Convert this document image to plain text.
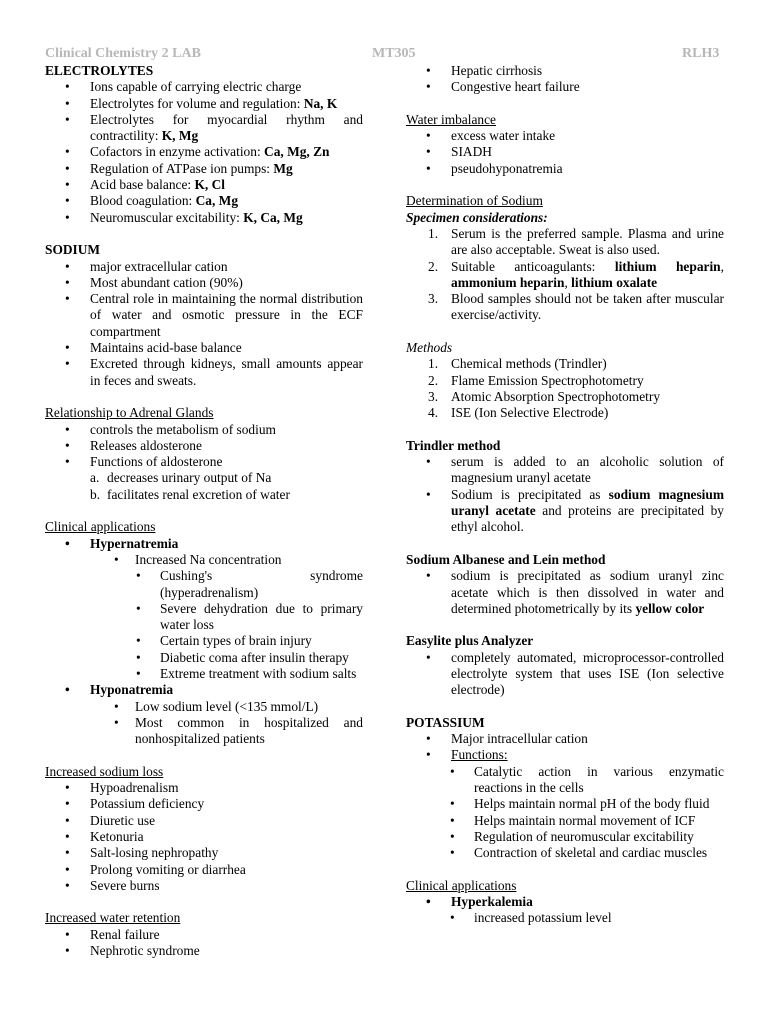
Clinical Chemistry 2 LAB	MT305	RLH3
ELECTROLYTES
• Ions capable of carrying electric charge
• Electrolytes for volume and regulation: Na, K
• Electrolytes for myocardial rhythm and contractility: K, Mg
• Cofactors in enzyme activation: Ca, Mg, Zn
• Regulation of ATPase ion pumps: Mg
• Acid base balance: K, Cl
• Blood coagulation: Ca, Mg
• Neuromuscular excitability: K, Ca, Mg
SODIUM
• major extracellular cation
• Most abundant cation (90%)
• Central role in maintaining the normal distribution of water and osmotic pressure in the ECF compartment
• Maintains acid-base balance
• Excreted through kidneys, small amounts appear in feces and sweats.
Relationship to Adrenal Glands
• controls the metabolism of sodium
• Releases aldosterone
• Functions of aldosterone
a. decreases urinary output of Na
b. facilitates renal excretion of water
Clinical applications
• Hypernatremia
• Increased Na concentration
• Cushing's syndrome (hyperadrenalism)
• Severe dehydration due to primary water loss
• Certain types of brain injury
• Diabetic coma after insulin therapy
• Extreme treatment with sodium salts
• Hyponatremia
• Low sodium level (<135 mmol/L)
• Most common in hospitalized and nonhospitalized patients
Increased sodium loss
• Hypoadrenalism
• Potassium deficiency
• Diuretic use
• Ketonuria
• Salt-losing nephropathy
• Prolong vomiting or diarrhea
• Severe burns
Increased water retention
• Renal failure
• Nephrotic syndrome
• Hepatic cirrhosis
• Congestive heart failure
Water imbalance
• excess water intake
• SIADH
• pseudohyponatremia
Determination of Sodium
Specimen considerations:
1. Serum is the preferred sample. Plasma and urine are also acceptable. Sweat is also used.
2. Suitable anticoagulants: lithium heparin, ammonium heparin, lithium oxalate
3. Blood samples should not be taken after muscular exercise/activity.
Methods
1. Chemical methods (Trindler)
2. Flame Emission Spectrophotometry
3. Atomic Absorption Spectrophotometry
4. ISE (Ion Selective Electrode)
Trindler method
• serum is added to an alcoholic solution of magnesium uranyl acetate
• Sodium is precipitated as sodium magnesium uranyl acetate and proteins are precipitated by ethyl alcohol.
Sodium Albanese and Lein method
• sodium is precipitated as sodium uranyl zinc acetate which is then dissolved in water and determined photometrically by its yellow color
Easylite plus Analyzer
• completely automated, microprocessor-controlled electrolyte system that uses ISE (Ion selective electrode)
POTASSIUM
• Major intracellular cation
• Functions:
• Catalytic action in various enzymatic reactions in the cells
• Helps maintain normal pH of the body fluid
• Helps maintain normal movement of ICF
• Regulation of neuromuscular excitability
• Contraction of skeletal and cardiac muscles
Clinical applications
• Hyperkalemia
• increased potassium level
